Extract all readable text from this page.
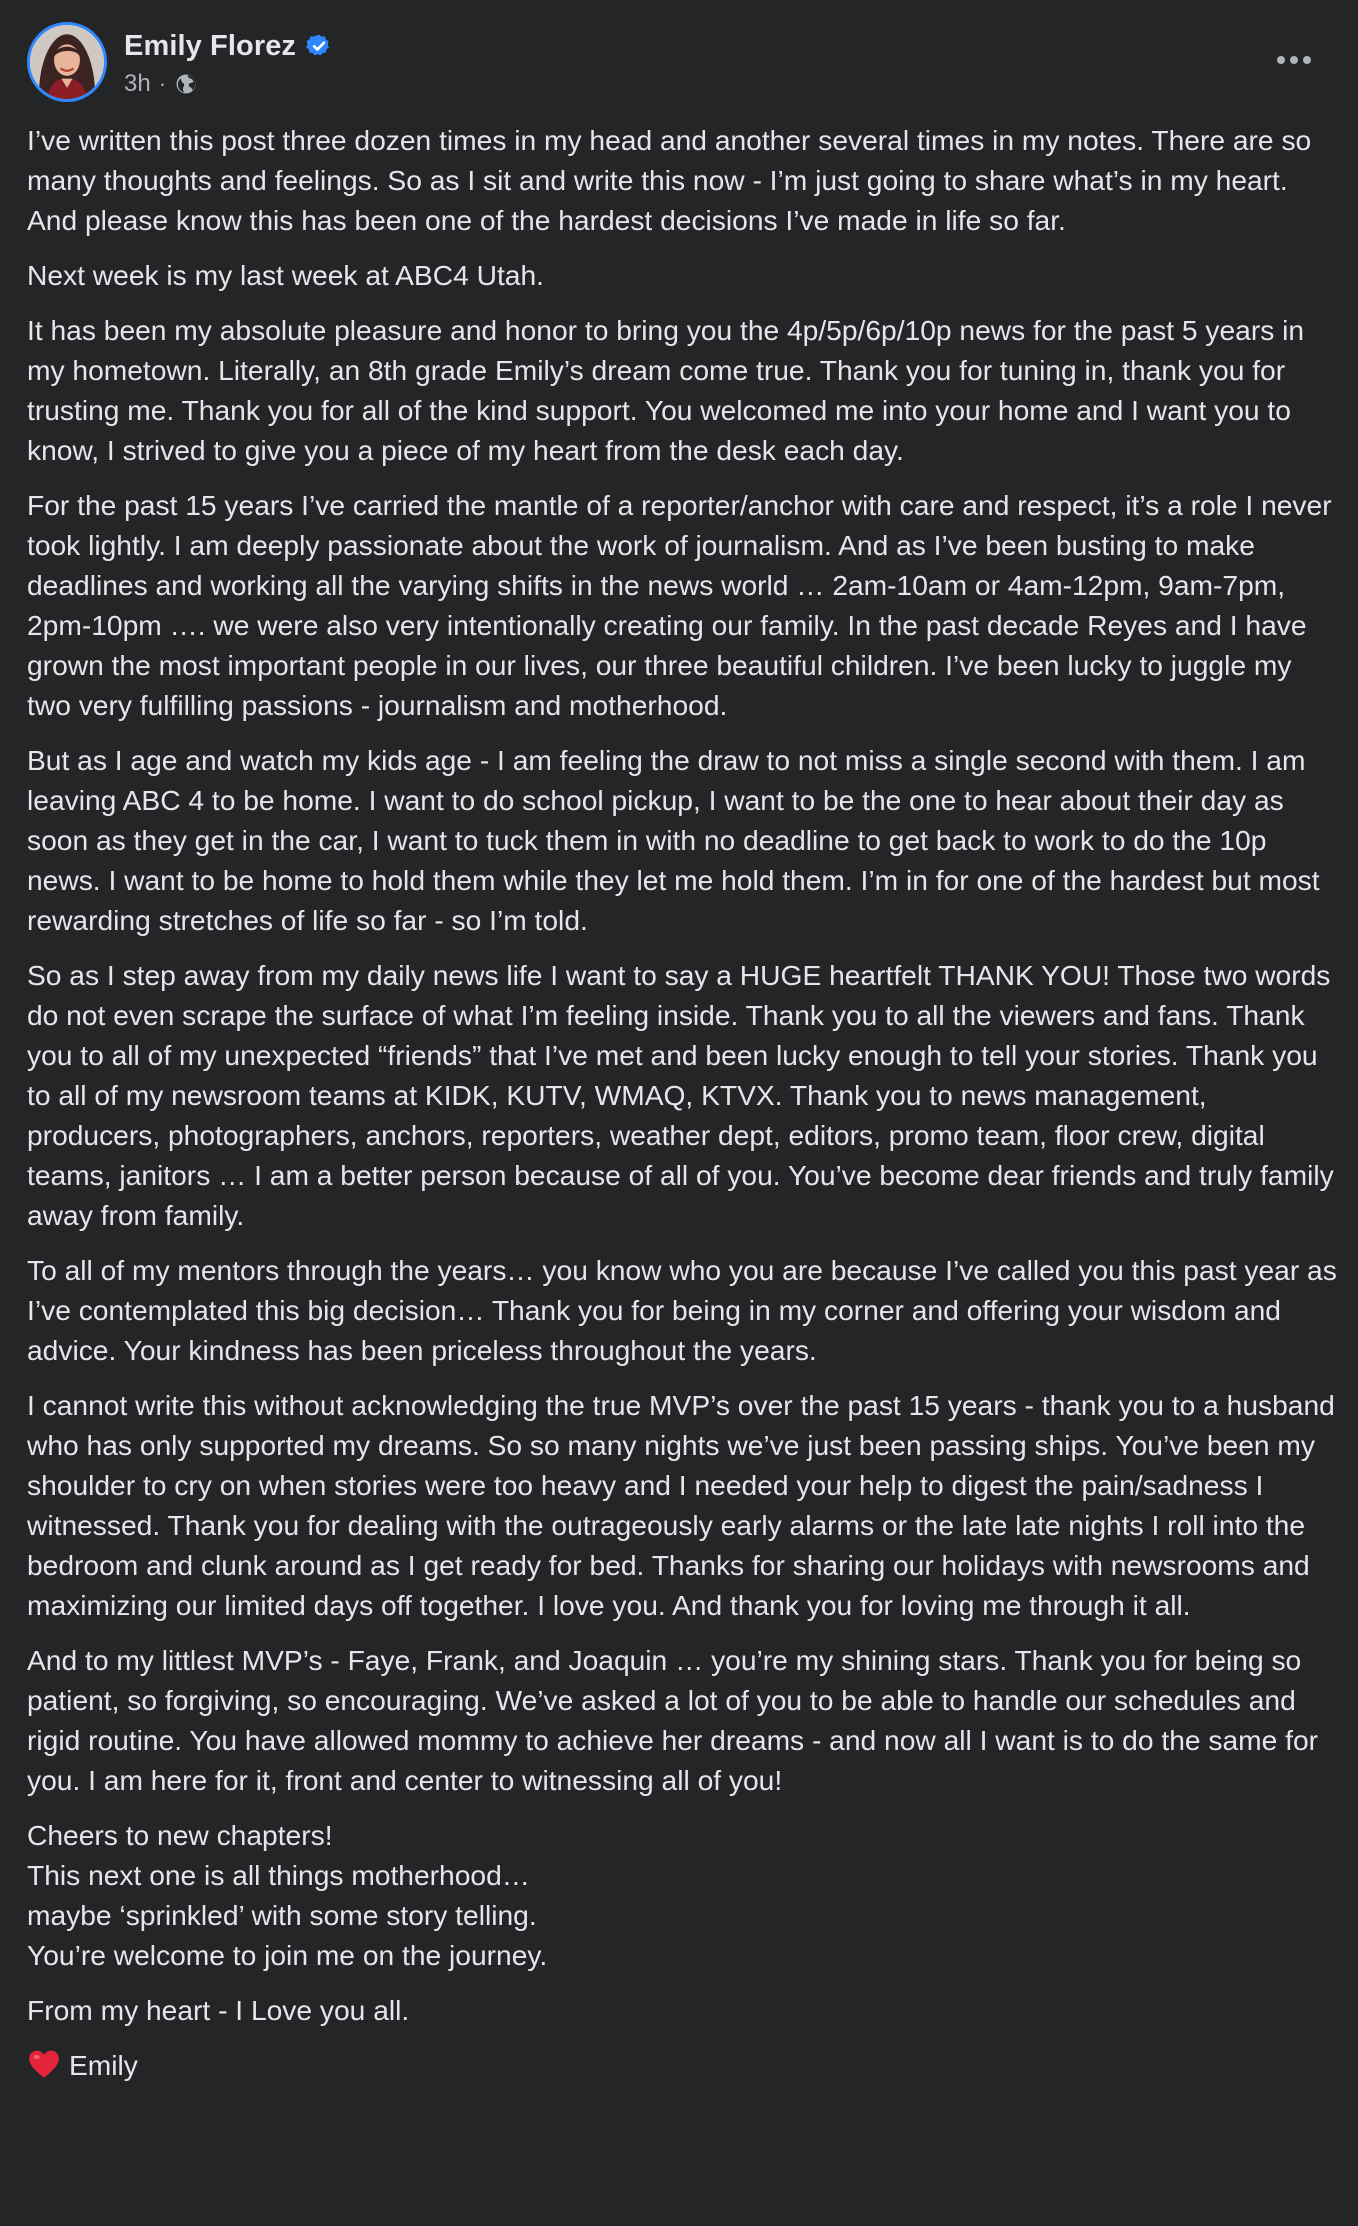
Emily Florez
3h ·

I’ve written this post three dozen times in my head and another several times in my notes. There are so many thoughts and feelings. So as I sit and write this now - I’m just going to share what’s in my heart. And please know this has been one of the hardest decisions I’ve made in life so far.

Next week is my last week at ABC4 Utah.

It has been my absolute pleasure and honor to bring you the 4p/5p/6p/10p news for the past 5 years in my hometown. Literally, an 8th grade Emily’s dream come true. Thank you for tuning in, thank you for trusting me. Thank you for all of the kind support. You welcomed me into your home and I want you to know, I strived to give you a piece of my heart from the desk each day.

For the past 15 years I’ve carried the mantle of a reporter/anchor with care and respect, it’s a role I never took lightly. I am deeply passionate about the work of journalism. And as I’ve been busting to make deadlines and working all the varying shifts in the news world … 2am-10am or 4am-12pm, 9am-7pm, 2pm-10pm …. we were also very intentionally creating our family. In the past decade Reyes and I have grown the most important people in our lives, our three beautiful children. I’ve been lucky to juggle my two very fulfilling passions - journalism and motherhood.

But as I age and watch my kids age - I am feeling the draw to not miss a single second with them. I am leaving ABC 4 to be home. I want to do school pickup, I want to be the one to hear about their day as soon as they get in the car, I want to tuck them in with no deadline to get back to work to do the 10p news. I want to be home to hold them while they let me hold them. I’m in for one of the hardest but most rewarding stretches of life so far - so I’m told.

So as I step away from my daily news life I want to say a HUGE heartfelt THANK YOU! Those two words do not even scrape the surface of what I’m feeling inside. Thank you to all the viewers and fans. Thank you to all of my unexpected “friends” that I’ve met and been lucky enough to tell your stories. Thank you to all of my newsroom teams at KIDK, KUTV, WMAQ, KTVX. Thank you to news management, producers, photographers, anchors, reporters, weather dept, editors, promo team, floor crew, digital teams, janitors … I am a better person because of all of you. You’ve become dear friends and truly family away from family.

To all of my mentors through the years… you know who you are because I’ve called you this past year as I’ve contemplated this big decision… Thank you for being in my corner and offering your wisdom and advice. Your kindness has been priceless throughout the years.

I cannot write this without acknowledging the true MVP’s over the past 15 years - thank you to a husband who has only supported my dreams. So so many nights we’ve just been passing ships. You’ve been my shoulder to cry on when stories were too heavy and I needed your help to digest the pain/sadness I witnessed. Thank you for dealing with the outrageously early alarms or the late late nights I roll into the bedroom and clunk around as I get ready for bed. Thanks for sharing our holidays with newsrooms and maximizing our limited days off together. I love you. And thank you for loving me through it all.

And to my littlest MVP’s - Faye, Frank, and Joaquin … you’re my shining stars. Thank you for being so patient, so forgiving, so encouraging. We’ve asked a lot of you to be able to handle our schedules and rigid routine. You have allowed mommy to achieve her dreams - and now all I want is to do the same for you. I am here for it, front and center to witnessing all of you!

Cheers to new chapters!
This next one is all things motherhood…
maybe ‘sprinkled’ with some story telling.
You’re welcome to join me on the journey.

From my heart - I Love you all.

Emily
